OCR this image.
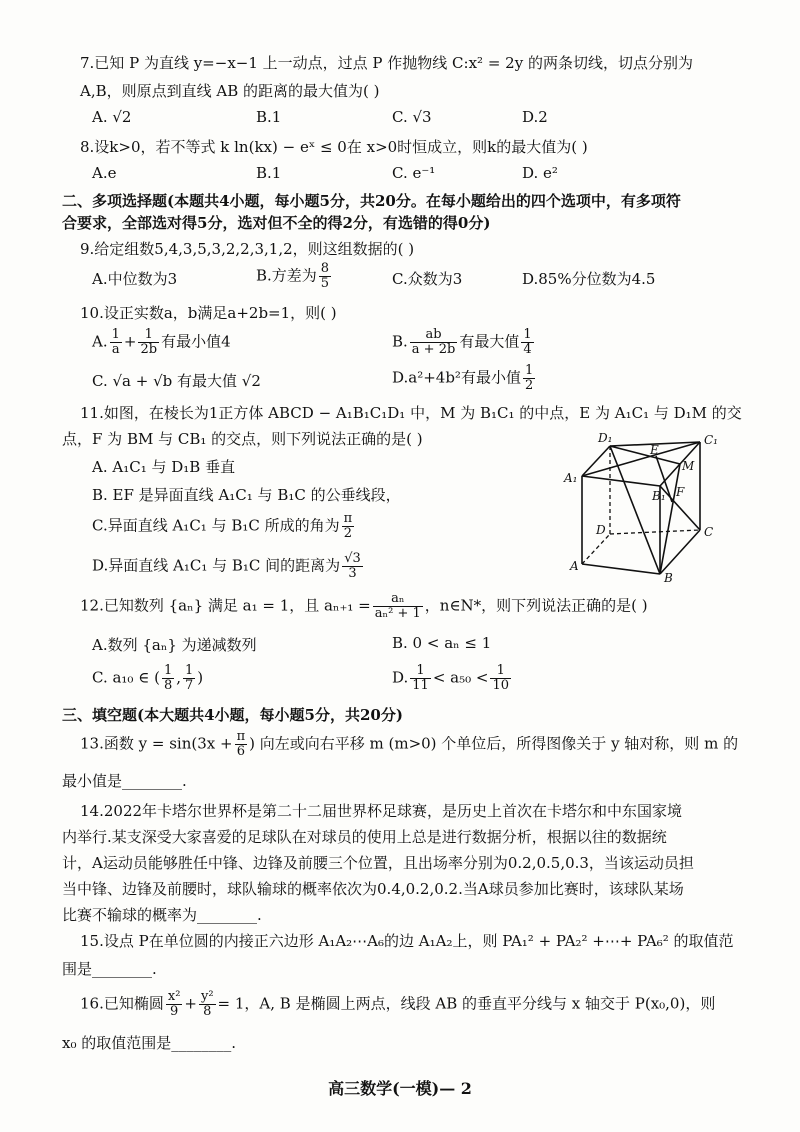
7.已知 P 为直线 y=−x−1 上一动点，过点 P 作抛物线 C:x² = 2y 的两条切线，切点分别为
A,B，则原点到直线 AB 的距离的最大值为( )
A. √2	B.1	C. √3	D.2
8.设k>0，若不等式 k ln(kx) − eˣ ≤ 0在 x>0时恒成立，则k的最大值为( )
A.e	B.1	C. e⁻¹	D. e²
二、多项选择题(本题共4小题，每小题5分，共20分。在每小题给出的四个选项中，有多项符
合要求，全部选对得5分，选对但不全的得2分，有选错的得0分)
9.给定组数5,4,3,5,3,2,2,3,1,2，则这组数据的( )
A.中位数为3	B.方差为 $\frac{8}{5}$	C.众数为3	D.85%分位数为4.5
10.设正实数a，b满足a+2b=1，则( )
A. $\frac{1}{a} + \frac{1}{2b}$ 有最小值4	B. $\frac{ab}{a + 2b}$ 有最大值 $\frac{1}{4}$
C. √a + √b 有最大值 √2	D.a²+4b²有最小值 $\frac{1}{2}$
11.如图，在棱长为1正方体 ABCD − A₁B₁C₁D₁ 中，M 为 B₁C₁ 的中点，E 为 A₁C₁ 与 D₁M 的交
点，F 为 BM 与 CB₁ 的交点，则下列说法正确的是( )
A. A₁C₁ 与 D₁B 垂直
B. EF 是异面直线 A₁C₁ 与 B₁C 的公垂线段，
C.异面直线 A₁C₁ 与 B₁C 所成的角为 $\frac{\pi}{2}$
D.异面直线 A₁C₁ 与 B₁C 间的距离为 $\frac{√3}{3}$
D₁	C₁
E
M
A₁
B₁ F
D	C
A
B
12.已知数列 {aₙ} 满足 a₁ = 1，且 $a_{n+1} = \frac{\text{aₙ}}{\text{aₙ² + 1}}$ ，n∈N*，则下列说法正确的是( )
A.数列 {aₙ} 为递减数列	B. 0 < aₙ ≤ 1
C. a₁₀ ∈ ( $\frac{1}{8}$ , $\frac{1}{7}$ )	D. $\frac{1}{11} < a_{50} < \frac{1}{10}$
三、填空题(本大题共4小题，每小题5分，共20分)
13.函数 $y = \sin(3x + \frac{\pi}{6}$ ) 向左或向右平移 m (m>0) 个单位后，所得图像关于 y 轴对称，则 m 的
最小值是________.
14.2022年卡塔尔世界杯是第二十二届世界杯足球赛，是历史上首次在卡塔尔和中东国家境
内举行.某支深受大家喜爱的足球队在对球员的使用上总是进行数据分析，根据以往的数据统
计，A运动员能够胜任中锋、边锋及前腰三个位置，且出场率分别为0.2,0.5,0.3，当该运动员担
当中锋、边锋及前腰时，球队输球的概率依次为0.4,0.2,0.2.当A球员参加比赛时，该球队某场
比赛不输球的概率为________.
15.设点 P在单位圆的内接正六边形 A₁A₂⋯A₆的边 A₁A₂上，则 PA₁² + PA₂² +⋯+ PA₆² 的取值范
围是________.
16.已知椭圆 $\frac{\text{x²}}{9} + \frac{\text{y²}}{8} = 1$，A, B 是椭圆上两点，线段 AB 的垂直平分线与 x 轴交于 P(x₀,0)，则
x₀ 的取值范围是________.
高三数学(一模)— 2
